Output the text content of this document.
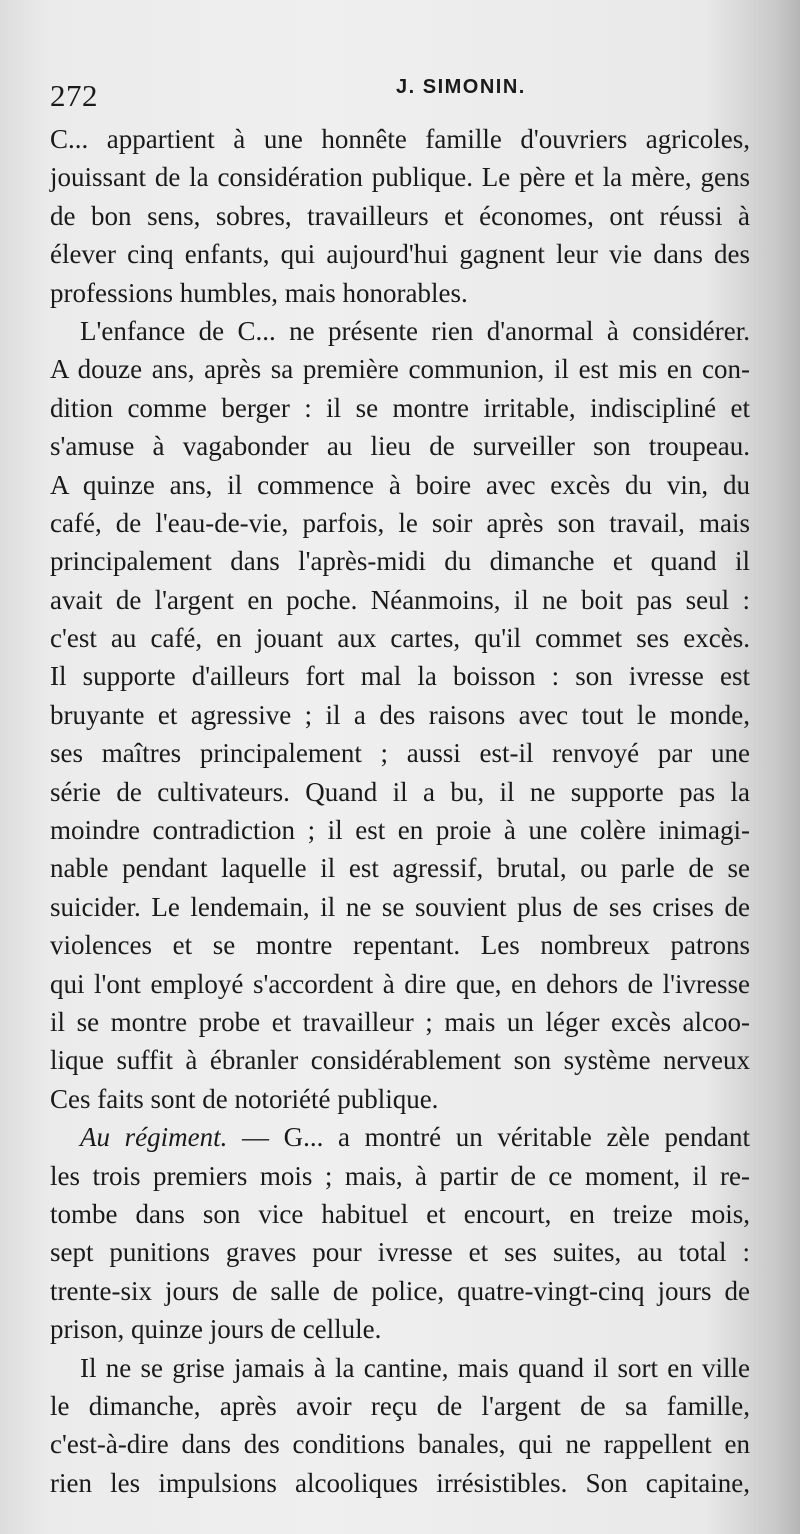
272	J. SIMONIN.
C... appartient à une honnête famille d'ouvriers agricoles,
jouissant de la considération publique. Le père et la mère, gens
de bon sens, sobres, travailleurs et économes, ont réussi à
élever cinq enfants, qui aujourd'hui gagnent leur vie dans des
professions humbles, mais honorables.
L'enfance de C... ne présente rien d'anormal à considérer.
A douze ans, après sa première communion, il est mis en con-
dition comme berger : il se montre irritable, indiscipliné et
s'amuse à vagabonder au lieu de surveiller son troupeau.
A quinze ans, il commence à boire avec excès du vin, du
café, de l'eau-de-vie, parfois, le soir après son travail, mais
principalement dans l'après-midi du dimanche et quand il
avait de l'argent en poche. Néanmoins, il ne boit pas seul :
c'est au café, en jouant aux cartes, qu'il commet ses excès.
Il supporte d'ailleurs fort mal la boisson : son ivresse est
bruyante et agressive ; il a des raisons avec tout le monde,
ses maîtres principalement ; aussi est-il renvoyé par une
série de cultivateurs. Quand il a bu, il ne supporte pas la
moindre contradiction ; il est en proie à une colère inimagi-
nable pendant laquelle il est agressif, brutal, ou parle de se
suicider. Le lendemain, il ne se souvient plus de ses crises de
violences et se montre repentant. Les nombreux patrons
qui l'ont employé s'accordent à dire que, en dehors de l'ivresse
il se montre probe et travailleur ; mais un léger excès alcoo-
lique suffit à ébranler considérablement son système nerveux
Ces faits sont de notoriété publique.
Au régiment. — G... a montré un véritable zèle pendant
les trois premiers mois ; mais, à partir de ce moment, il re-
tombe dans son vice habituel et encourt, en treize mois,
sept punitions graves pour ivresse et ses suites, au total :
trente-six jours de salle de police, quatre-vingt-cinq jours de
prison, quinze jours de cellule.
Il ne se grise jamais à la cantine, mais quand il sort en ville
le dimanche, après avoir reçu de l'argent de sa famille,
c'est-à-dire dans des conditions banales, qui ne rappellent en
rien les impulsions alcooliques irrésistibles. Son capitaine,
